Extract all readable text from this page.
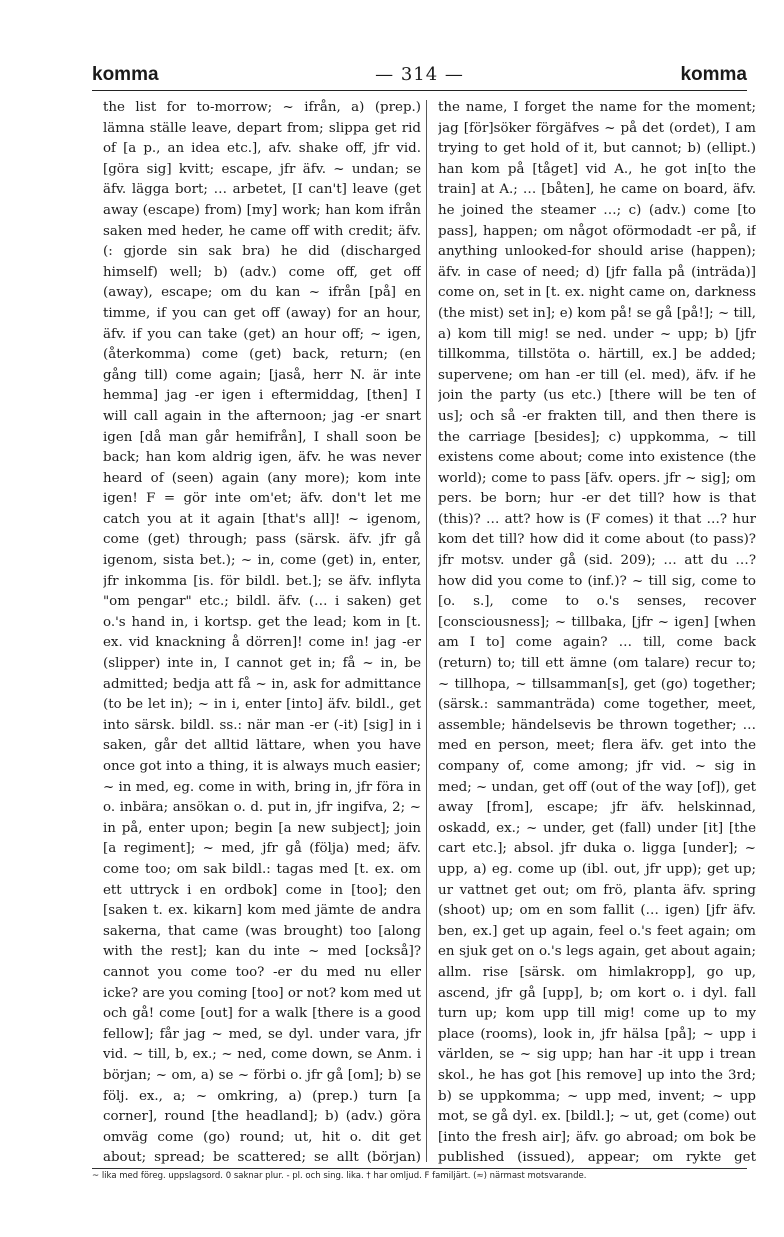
komma	— 314 —	komma

the list for to-morrow; ~ ifrån, a) (prep.) lämna ställe leave, depart from; slippa get rid of [a p., an idea etc.], afv. shake off, jfr vid. [göra sig] kvitt; escape, jfr äfv. ~ undan; se äfv. lägga bort; … arbetet, [I can't] leave (get away (escape) from) [my] work; han kom ifrån saken med heder, he came off with credit; äfv. (: gjorde sin sak bra) he did (discharged himself) well; b) (adv.) come off, get off (away), escape; om du kan ~ ifrån [på] en timme, if you can get off (away) for an hour, äfv. if you can take (get) an hour off; ~ igen, (återkomma) come (get) back, return; (en gång till) come again; [jaså, herr N. är inte hemma] jag -er igen i eftermiddag, [then] I will call again in the afternoon; jag -er snart igen [då man går hemifrån], I shall soon be back; han kom aldrig igen, äfv. he was never heard of (seen) again (any more); kom inte igen! F = gör inte om'et; äfv. don't let me catch you at it again [that's all]! ~ igenom, come (get) through; pass (särsk. äfv. jfr gå igenom, sista bet.); ~ in, come (get) in, enter, jfr inkomma [is. för bildl. bet.]; se äfv. inflyta "om pengar" etc.; bildl. äfv. (… i saken) get o.'s hand in, i kortsp. get the lead; kom in [t. ex. vid knackning å dörren]! come in! jag -er (slipper) inte in, I cannot get in; få ~ in, be admitted; bedja att få ~ in, ask for admittance (to be let in); ~ in i, enter [into] äfv. bildl., get into särsk. bildl. ss.: när man -er (-it) [sig] in i saken, går det alltid lättare, when you have once got into a thing, it is always much easier; ~ in med, eg. come in with, bring in, jfr föra in o. inbära; ansökan o. d. put in, jfr ingifva, 2; ~ in på, enter upon; begin [a new subject]; join [a regiment]; ~ med, jfr gå (följa) med; äfv. come too; om sak bildl.: tagas med [t. ex. om ett uttryck i en ordbok] come in [too]; den [saken t. ex. kikarn] kom med jämte de andra sakerna, that came (was brought) too [along with the rest]; kan du inte ~ med [också]? cannot you come too? -er du med nu eller icke? are you coming [too] or not? kom med ut och gå! come [out] for a walk [there is a good fellow]; får jag ~ med, se dyl. under vara, jfr vid. ~ till, b, ex.; ~ ned, come down, se Anm. i början; ~ om, a) se ~ förbi o. jfr gå [om]; b) se följ. ex., a; ~ omkring, a) (prep.) turn [a corner], round [the headland]; b) (adv.) göra omväg come (go) round; ut, hit o. dit get about; spread; be scattered; se allt (början)

the name, I forget the name for the moment; jag [för]söker förgäfves ~ på det (ordet), I am trying to get hold of it, but cannot; b) (ellipt.) han kom på [tåget] vid A., he got in[to the train] at A.; … [båten], he came on board, äfv. he joined the steamer …; c) (adv.) come [to pass], happen; om något oförmodadt -er på, if anything unlooked-for should arise (happen); äfv. in case of need; d) [jfr falla på (inträda)] come on, set in [t. ex. night came on, darkness (the mist) set in]; e) kom på! se gå [på!]; ~ till, a) kom till mig! se ned. under ~ upp; b) [jfr tillkomma, tillstöta o. härtill, ex.] be added; supervene; om han -er till (el. med), äfv. if he join the party (us etc.) [there will be ten of us]; och så -er frakten till, and then there is the carriage [besides]; c) uppkomma, ~ till existens come about; come into existence (the world); come to pass [äfv. opers. jfr ~ sig]; om pers. be born; hur -er det till? how is that (this)? … att? how is (F comes) it that …? hur kom det till? how did it come about (to pass)? jfr motsv. under gå (sid. 209); … att du …? how did you come to (inf.)? ~ till sig, come to [o. s.], come to o.'s senses, recover [consciousness]; ~ tillbaka, [jfr ~ igen] [when am I to] come again? … till, come back (return) to; till ett ämne (om talare) recur to; ~ tillhopa, ~ tillsamman[s], get (go) together; (särsk.: sammanträda) come together, meet, assemble; händelsevis be thrown together; … med en person, meet; flera äfv. get into the company of, come among; jfr vid. ~ sig in med; ~ undan, get off (out of the way [of]), get away [from], escape; jfr äfv. helskinnad, oskadd, ex.; ~ under, get (fall) under [it] [the cart etc.]; absol. jfr duka o. ligga [under]; ~ upp, a) eg. come up (ibl. out, jfr upp); get up; ur vattnet get out; om frö, planta äfv. spring (shoot) up; om en som fallit (… igen) [jfr äfv. ben, ex.] get up again, feel o.'s feet again; om en sjuk get on o.'s legs again, get about again; allm. rise [särsk. om himlakropp], go up, ascend, jfr gå [upp], b; om kort o. i dyl. fall turn up; kom upp till mig! come up to my place (rooms), look in, jfr hälsa [på]; ~ upp i världen, se ~ sig upp; han har -it upp i trean skol., he has got [his remove] up into the 3rd; b) se uppkomma; ~ upp med, invent; ~ upp mot, se gå dyl. ex. [bildl.]; ~ ut, get (come) out [into the fresh air]; äfv. go abroad; om bok be published (issued), appear; om rykte get

~ lika med föreg. uppslagsord. 0 saknar plur. - pl. och sing. lika. † har omljud. F familjärt. (≈) närmast motsvarande.
